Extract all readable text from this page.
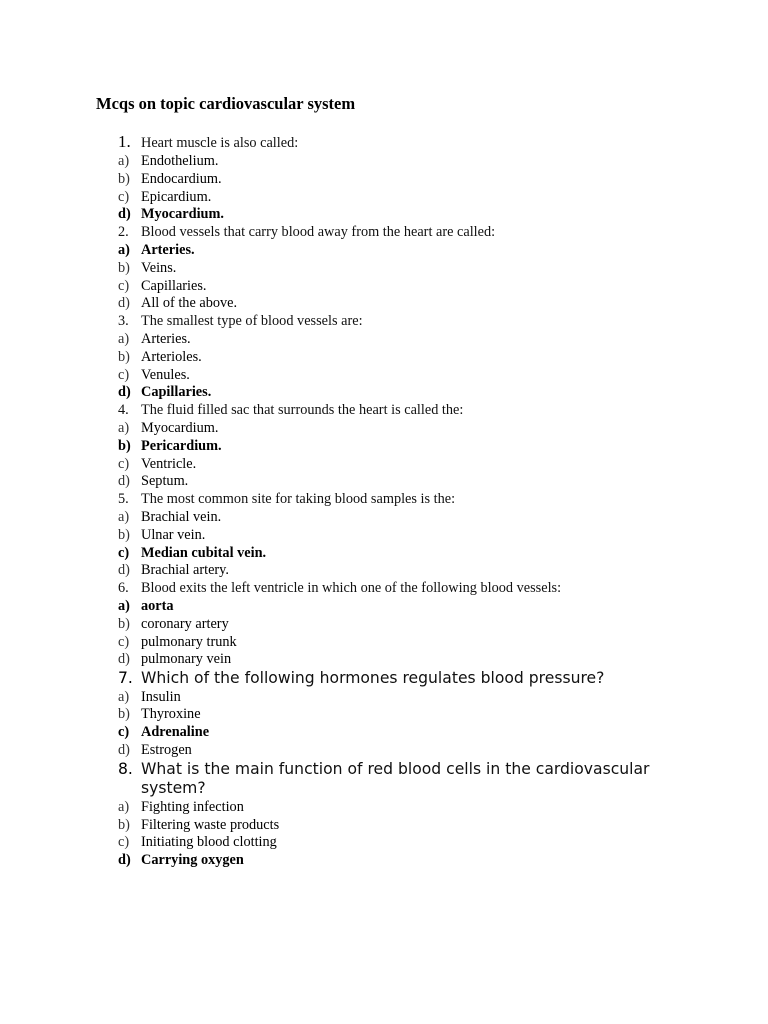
Mcqs on topic cardiovascular system
1. Heart muscle is also called:
a) Endothelium.
b) Endocardium.
c) Epicardium.
d) Myocardium.
2. Blood vessels that carry blood away from the heart are called:
a) Arteries.
b) Veins.
c) Capillaries.
d) All of the above.
3. The smallest type of blood vessels are:
a) Arteries.
b) Arterioles.
c) Venules.
d) Capillaries.
4. The fluid filled sac that surrounds the heart is called the:
a) Myocardium.
b) Pericardium.
c) Ventricle.
d) Septum.
5. The most common site for taking blood samples is the:
a) Brachial vein.
b) Ulnar vein.
c) Median cubital vein.
d) Brachial artery.
6. Blood exits the left ventricle in which one of the following blood vessels:
a) aorta
b) coronary artery
c) pulmonary trunk
d) pulmonary vein
7. Which of the following hormones regulates blood pressure?
a) Insulin
b) Thyroxine
c) Adrenaline
d) Estrogen
8. What is the main function of red blood cells in the cardiovascular system?
a) Fighting infection
b) Filtering waste products
c) Initiating blood clotting
d) Carrying oxygen
